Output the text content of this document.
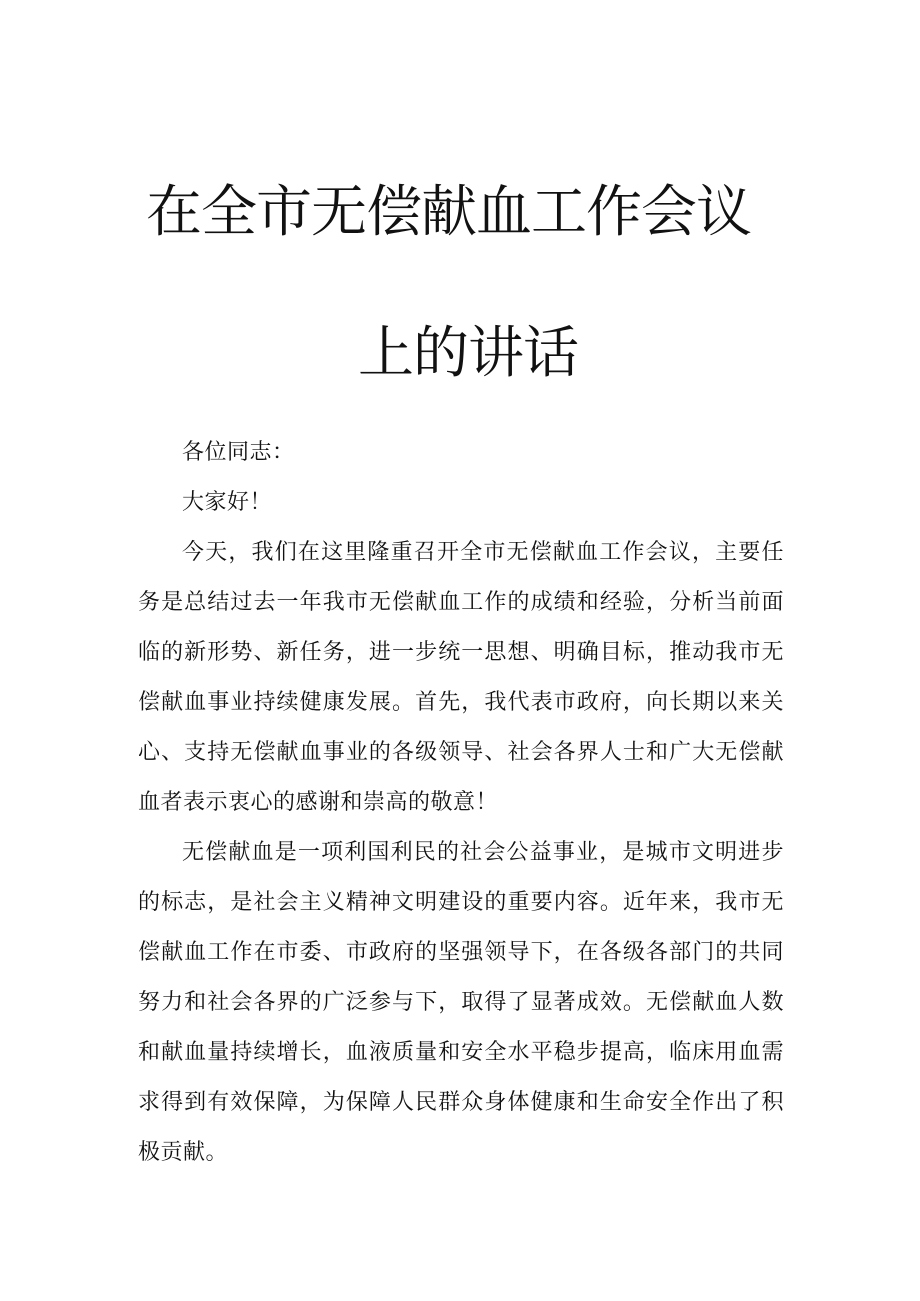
在全市无偿献血工作会议
上的讲话

各位同志：

大家好！

今天，我们在这里隆重召开全市无偿献血工作会议，主要任务是总结过去一年我市无偿献血工作的成绩和经验，分析当前面临的新形势、新任务，进一步统一思想、明确目标，推动我市无偿献血事业持续健康发展。首先，我代表市政府，向长期以来关心、支持无偿献血事业的各级领导、社会各界人士和广大无偿献血者表示衷心的感谢和崇高的敬意！

无偿献血是一项利国利民的社会公益事业，是城市文明进步的标志，是社会主义精神文明建设的重要内容。近年来，我市无偿献血工作在市委、市政府的坚强领导下，在各级各部门的共同努力和社会各界的广泛参与下，取得了显著成效。无偿献血人数和献血量持续增长，血液质量和安全水平稳步提高，临床用血需求得到有效保障，为保障人民群众身体健康和生命安全作出了积极贡献。
